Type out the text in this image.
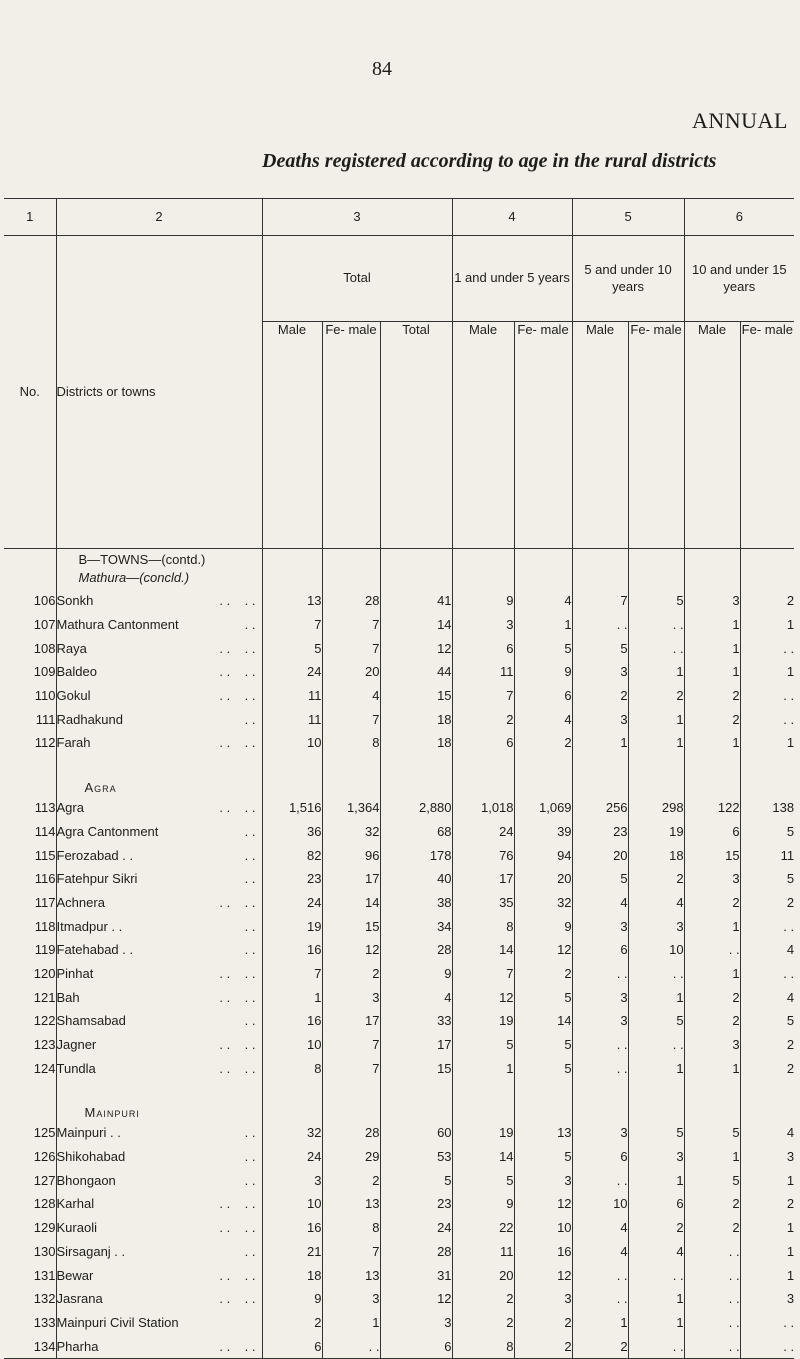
84
ANNUAL
Deaths registered according to age in the rural districts
1	2	3			4		5		6	
No.	Districts or towns	Total			1 and under 5 years		5 and under 10 years		10 and under 15 years	
		Male	Fe- male	Total	Male	Fe- male	Male	Fe- male	Male	Fe- male
	B—TOWNS—(contd.)
Mathura—(concld.)									
106	Sonkh . .    . .	13	28	41	9	4	7	5	3	2
107	Mathura Cantonment . .	7	7	14	3	1	. .	. .	1	1
108	Raya . .    . .	5	7	12	6	5	5	. .	1	. .
109	Baldeo . .    . .	24	20	44	11	9	3	1	1	1
110	Gokul . .    . .	11	4	15	7	6	2	2	2	. .
111	Radhakund . .	11	7	18	2	4	3	1	2	. .
112	Farah . .    . .	10	8	18	6	2	1	1	1	1
	Agra									
113	Agra . .    . .	1,516	1,364	2,880	1,018	1,069	256	298	122	138
114	Agra Cantonment . .	36	32	68	24	39	23	19	6	5
115	Ferozabad . . . .	82	96	178	76	94	20	18	15	11
116	Fatehpur Sikri . .	23	17	40	17	20	5	2	3	5
117	Achnera . .    . .	24	14	38	35	32	4	4	2	2
118	Itmadpur . . . .	19	15	34	8	9	3	3	1	. .
119	Fatehabad . . . .	16	12	28	14	12	6	10	. .	4
120	Pinhat . .    . .	7	2	9	7	2	. .	. .	1	. .
121	Bah . .    . .	1	3	4	12	5	3	1	2	4
122	Shamsabad . .	16	17	33	19	14	3	5	2	5
123	Jagner . .    . .	10	7	17	5	5	. .	. .	3	2
124	Tundla . .    . .	8	7	15	1	5	. .	1	1	2
	Mainpuri									
125	Mainpuri . . . .	32	28	60	19	13	3	5	5	4
126	Shikohabad . .	24	29	53	14	5	6	3	1	3
127	Bhongaon . .	3	2	5	5	3	. .	1	5	1
128	Karhal . .    . .	10	13	23	9	12	10	6	2	2
129	Kuraoli . .    . .	16	8	24	22	10	4	2	2	1
130	Sirsaganj . . . .	21	7	28	11	16	4	4	. .	1
131	Bewar . .    . .	18	13	31	20	12	. .	. .	. .	1
132	Jasrana . .    . .	9	3	12	2	3	. .	1	. .	3
133	Mainpuri Civil Station	2	1	3	2	2	1	1	. .	. .
134	Pharha . .    . .	6	. .	6	8	2	2	. .	. .	. .
